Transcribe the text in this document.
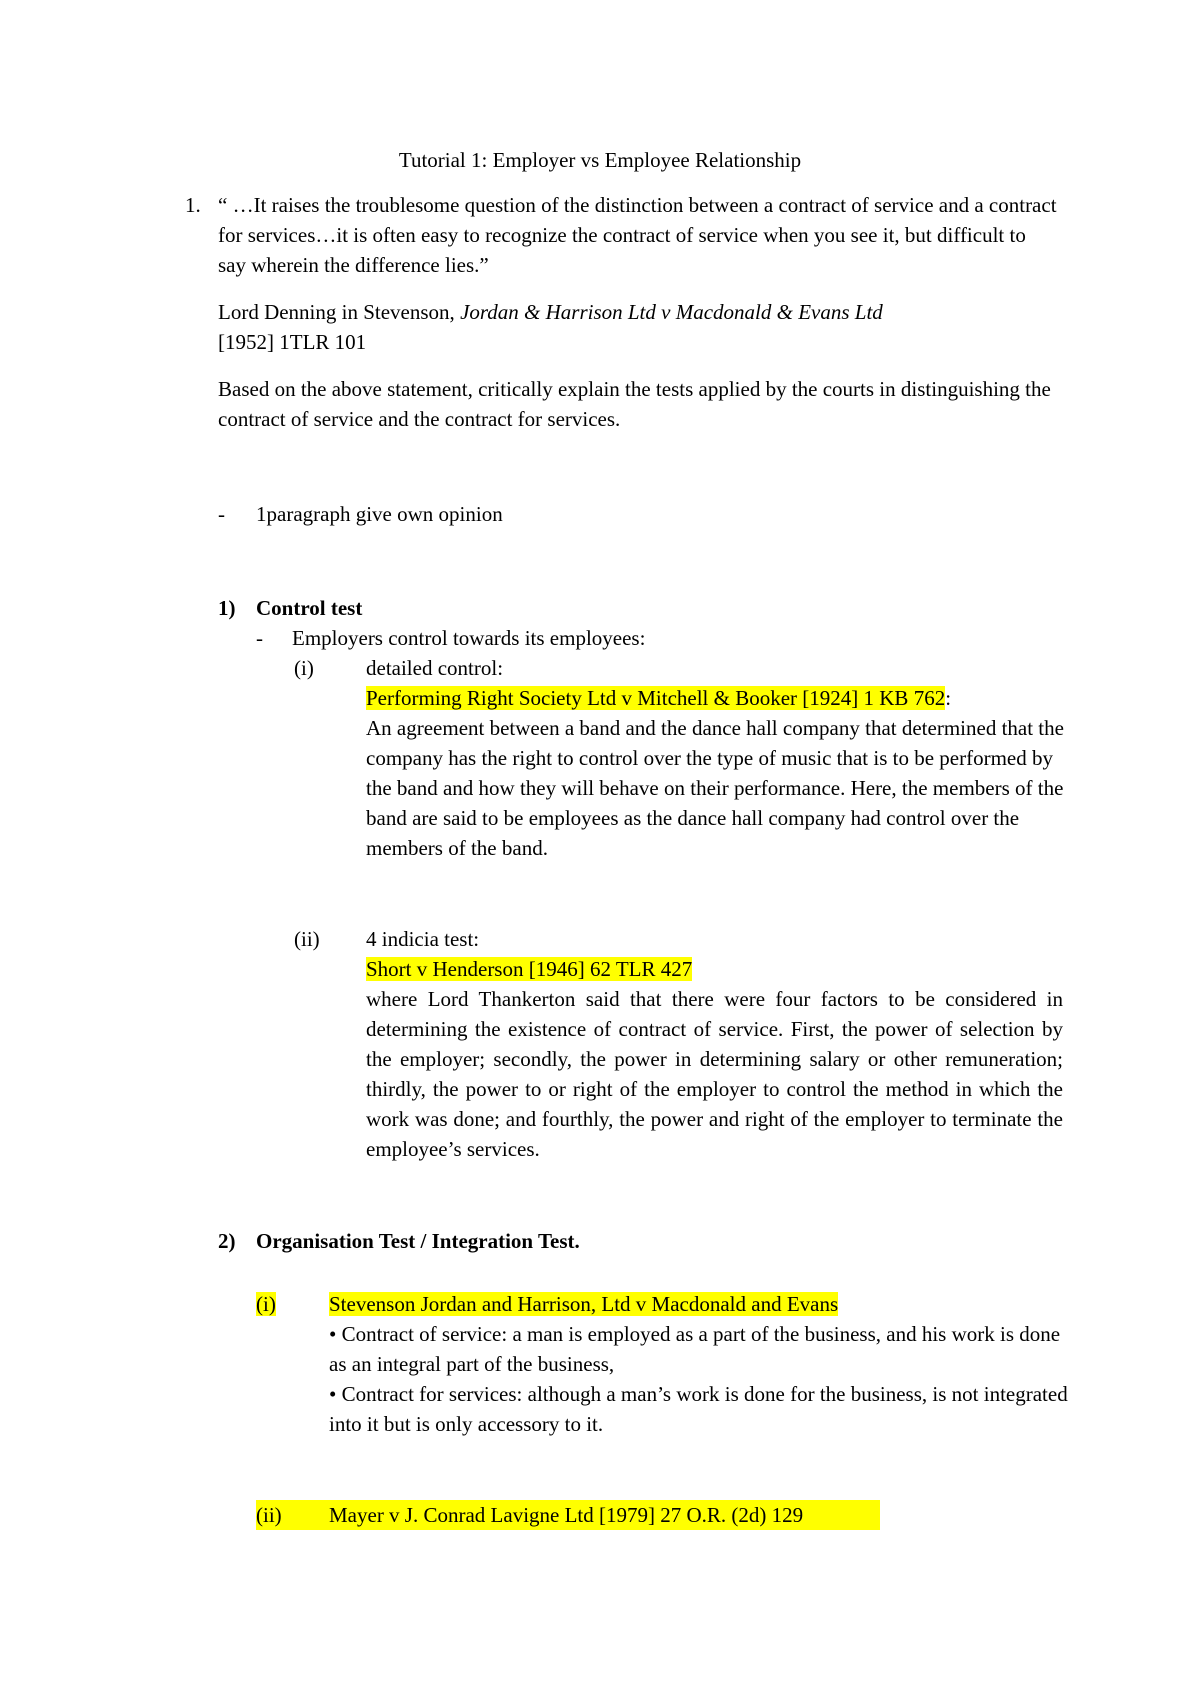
Tutorial 1: Employer vs Employee Relationship
1. “ …It raises the troublesome question of the distinction between a contract of service and a contract for services…it is often easy to recognize the contract of service when you see it, but difficult to say wherein the difference lies.”

Lord Denning in Stevenson, Jordan & Harrison Ltd v Macdonald & Evans Ltd
[1952] 1TLR 101

Based on the above statement, critically explain the tests applied by the courts in distinguishing the contract of service and the contract for services.

- 1paragraph give own opinion
1) Control test
- Employers control towards its employees:
(i) detailed control:
Performing Right Society Ltd v Mitchell & Booker [1924] 1 KB 762:

An agreement between a band and the dance hall company that determined that the company has the right to control over the type of music that is to be performed by the band and how they will behave on their performance. Here, the members of the band are said to be employees as the dance hall company had control over the members of the band.

(ii) 4 indicia test:
Short v Henderson [1946] 62 TLR 427

where Lord Thankerton said that there were four factors to be considered in determining the existence of contract of service. First, the power of selection by the employer; secondly, the power in determining salary or other remuneration; thirdly, the power to or right of the employer to control the method in which the work was done; and fourthly, the power and right of the employer to terminate the employee’s services.

2) Organisation Test / Integration Test.
(i)	Stevenson Jordan and Harrison, Ltd v Macdonald and Evans

• Contract of service: a man is employed as a part of the business, and his work is done as an integral part of the business,

• Contract for services: although a man’s work is done for the business, is not integrated into it but is only accessory to it.

(ii) Mayer v J. Conrad Lavigne Ltd [1979] 27 O.R. (2d) 129
